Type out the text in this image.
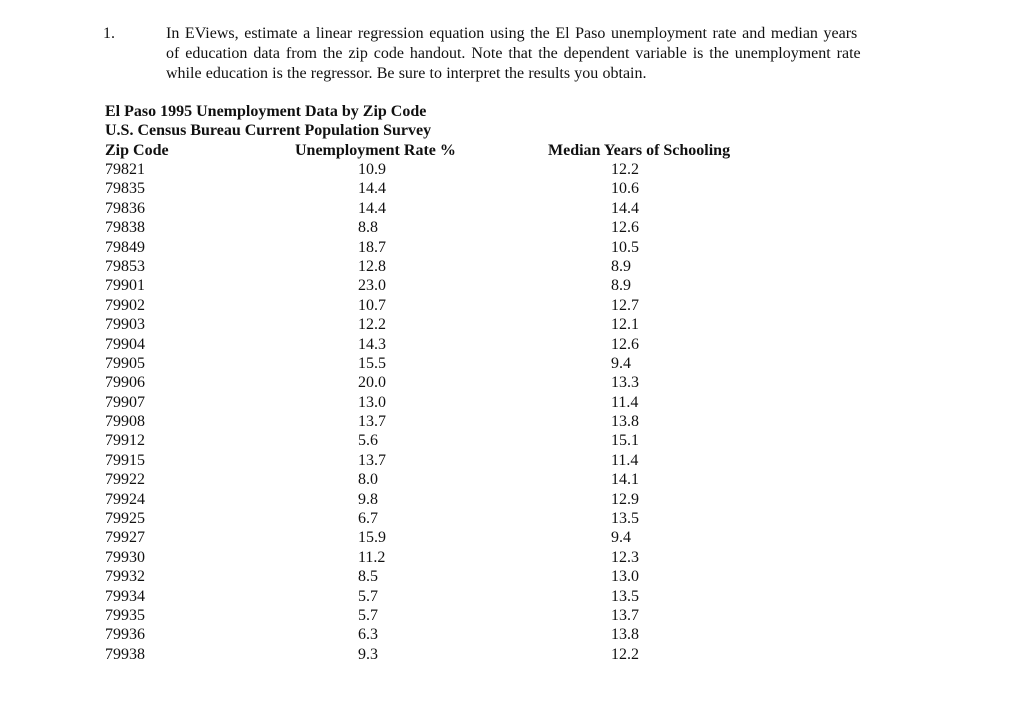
1.	In EViews, estimate a linear regression equation using the El Paso unemployment rate and median years
of education data from the zip code handout. Note that the dependent variable is the unemployment rate
while education is the regressor. Be sure to interpret the results you obtain.
El Paso 1995 Unemployment Data by Zip Code
U.S. Census Bureau Current Population Survey
Zip Code	Unemployment Rate %	Median Years of Schooling
79821	10.9	12.2
79835	14.4	10.6
79836	14.4	14.4
79838	8.8	12.6
79849	18.7	10.5
79853	12.8	8.9
79901	23.0	8.9
79902	10.7	12.7
79903	12.2	12.1
79904	14.3	12.6
79905	15.5	9.4
79906	20.0	13.3
79907	13.0	11.4
79908	13.7	13.8
79912	5.6	15.1
79915	13.7	11.4
79922	8.0	14.1
79924	9.8	12.9
79925	6.7	13.5
79927	15.9	9.4
79930	11.2	12.3
79932	8.5	13.0
79934	5.7	13.5
79935	5.7	13.7
79936	6.3	13.8
79938	9.3	12.2
